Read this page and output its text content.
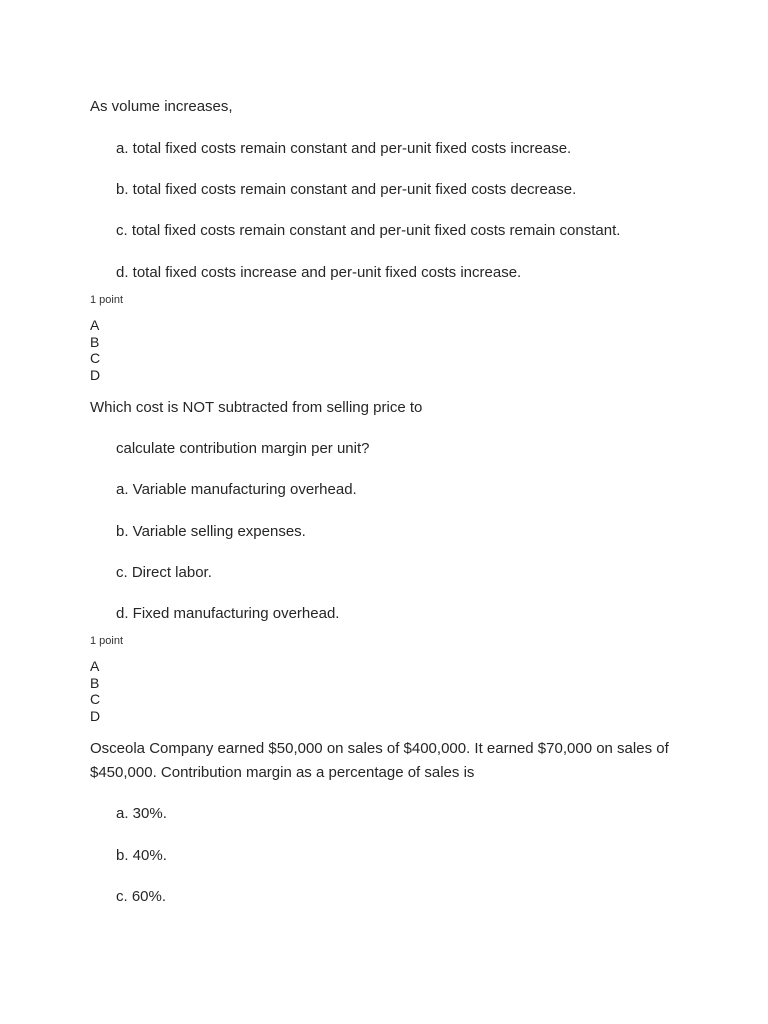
As volume increases,
a. total fixed costs remain constant and per-unit fixed costs increase.
b. total fixed costs remain constant and per-unit fixed costs decrease.
c. total fixed costs remain constant and per-unit fixed costs remain constant.
d. total fixed costs increase and per-unit fixed costs increase.
1 point
A
B
C
D
Which cost is NOT subtracted from selling price to
calculate contribution margin per unit?
a. Variable manufacturing overhead.
b. Variable selling expenses.
c. Direct labor.
d. Fixed manufacturing overhead.
1 point
A
B
C
D
Osceola Company earned $50,000 on sales of $400,000. It earned $70,000 on sales of
$450,000. Contribution margin as a percentage of sales is
a. 30%.
b. 40%.
c. 60%.
